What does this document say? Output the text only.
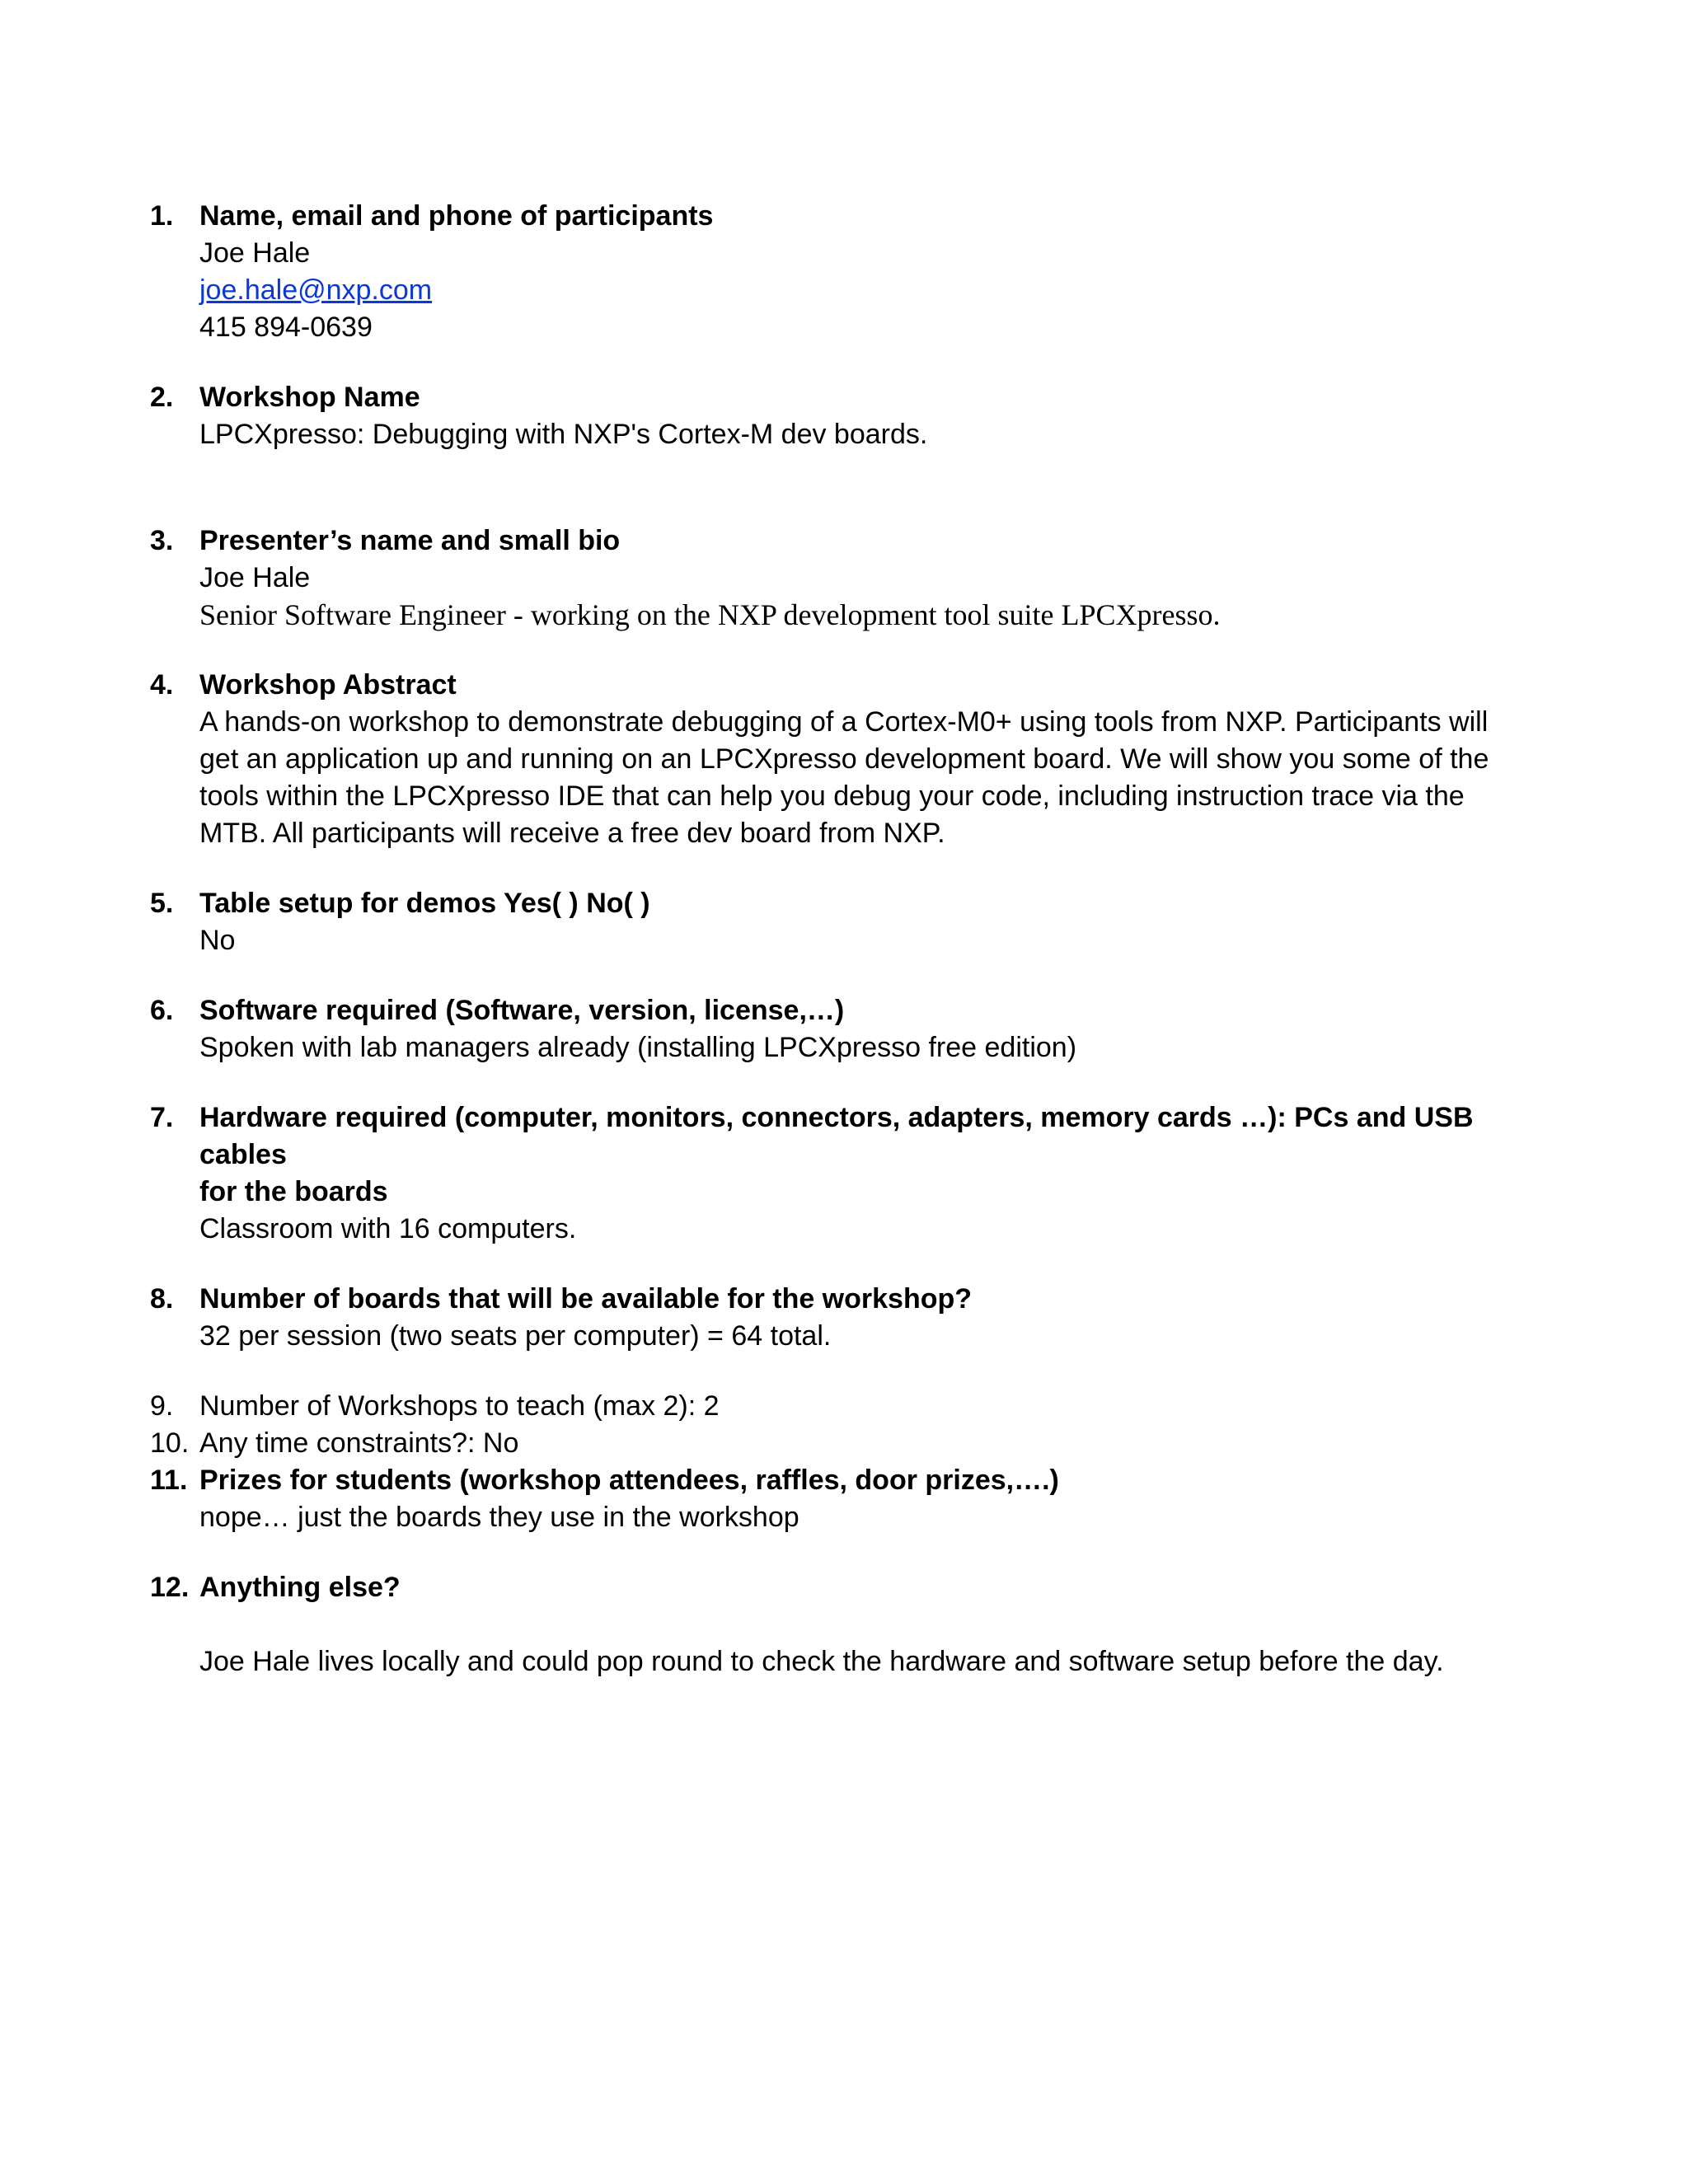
1. Name, email and phone of participants
Joe Hale
joe.hale@nxp.com
415 894-0639
2. Workshop Name
LPCXpresso: Debugging with NXP's Cortex-M dev boards.
3. Presenter’s name and small bio
Joe Hale
Senior Software Engineer - working on the NXP development tool suite LPCXpresso.
4. Workshop Abstract
A hands-on workshop to demonstrate debugging of a Cortex-M0+ using tools from NXP. Participants will
get an application up and running on an LPCXpresso development board. We will show you some of the
tools within the LPCXpresso IDE that can help you debug your code, including instruction trace via the
MTB. All participants will receive a free dev board from NXP.
5. Table setup for demos Yes( ) No( )
No
6. Software required (Software, version, license,…)
Spoken with lab managers already (installing LPCXpresso free edition)
7. Hardware required (computer, monitors, connectors, adapters, memory cards …): PCs and USB cables
for the boards
Classroom with 16 computers.
8. Number of boards that will be available for the workshop?
32 per session (two seats per computer) = 64 total.
9. Number of Workshops to teach (max 2): 2
10. Any time constraints?: No
11. Prizes for students (workshop attendees, raffles, door prizes,….)
nope… just the boards they use in the workshop
12. Anything else?
Joe Hale lives locally and could pop round to check the hardware and software setup before the day.
